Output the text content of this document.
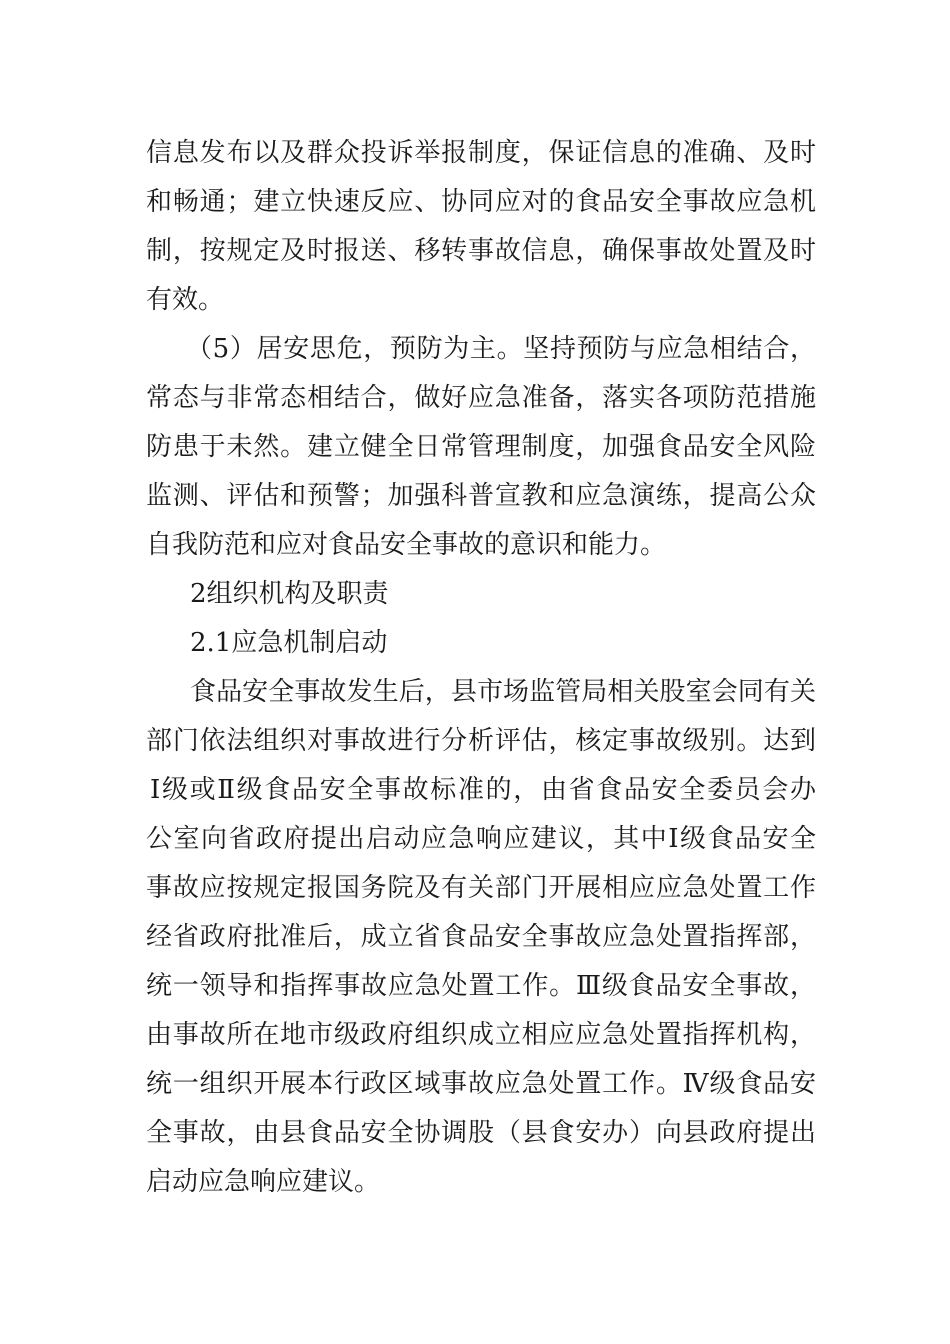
信息发布以及群众投诉举报制度，保证信息的准确、及时
和畅通；建立快速反应、协同应对的食品安全事故应急机
制，按规定及时报送、移转事故信息，确保事故处置及时
有效。
（5）居安思危，预防为主。坚持预防与应急相结合，
常态与非常态相结合，做好应急准备，落实各项防范措施
防患于未然。建立健全日常管理制度，加强食品安全风险
监测、评估和预警；加强科普宣教和应急演练，提高公众
自我防范和应对食品安全事故的意识和能力。
2组织机构及职责
2.1应急机制启动
食品安全事故发生后，县市场监管局相关股室会同有关
部门依法组织对事故进行分析评估，核定事故级别。达到
Ⅰ级或Ⅱ级食品安全事故标准的，由省食品安全委员会办
公室向省政府提出启动应急响应建议，其中Ⅰ级食品安全
事故应按规定报国务院及有关部门开展相应应急处置工作
经省政府批准后，成立省食品安全事故应急处置指挥部，
统一领导和指挥事故应急处置工作。Ⅲ级食品安全事故，
由事故所在地市级政府组织成立相应应急处置指挥机构，
统一组织开展本行政区域事故应急处置工作。Ⅳ级食品安
全事故，由县食品安全协调股（县食安办）向县政府提出
启动应急响应建议。
